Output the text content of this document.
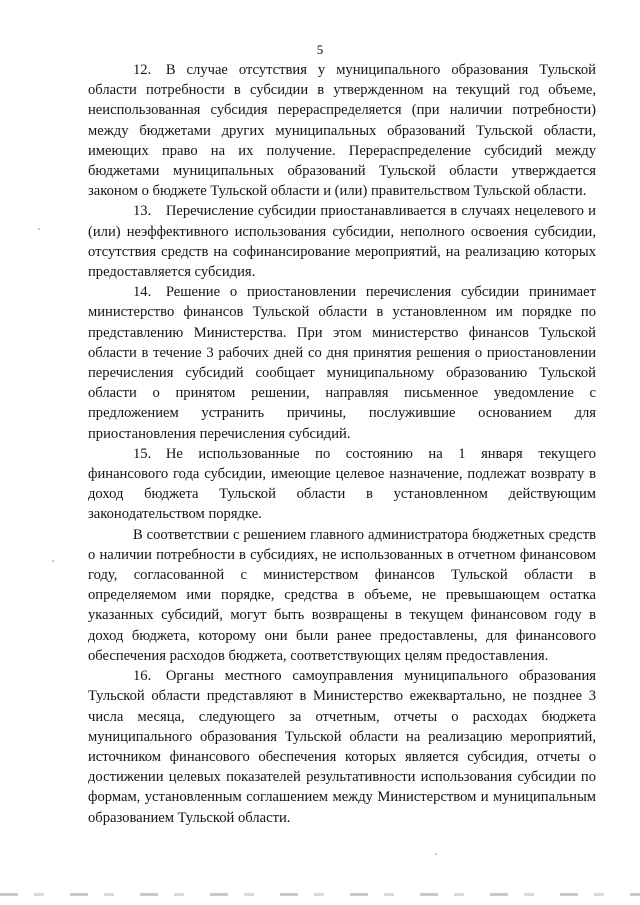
5

12. В случае отсутствия у муниципального образования Тульской области потребности в субсидии в утвержденном на текущий год объеме, неиспользованная субсидия перераспределяется (при наличии потребности) между бюджетами других муниципальных образований Тульской области, имеющих право на их получение. Перераспределение субсидий между бюджетами муниципальных образований Тульской области утверждается законом о бюджете Тульской области и (или) правительством Тульской области.

13. Перечисление субсидии приостанавливается в случаях нецелевого и (или) неэффективного использования субсидии, неполного освоения субсидии, отсутствия средств на софинансирование мероприятий, на реализацию которых предоставляется субсидия.

14. Решение о приостановлении перечисления субсидии принимает министерство финансов Тульской области в установленном им порядке по представлению Министерства. При этом министерство финансов Тульской области в течение 3 рабочих дней со дня принятия решения о приостановлении перечисления субсидий сообщает муниципальному образованию Тульской области о принятом решении, направляя письменное уведомление с предложением устранить причины, послужившие основанием для приостановления перечисления субсидий.

15. Не использованные по состоянию на 1 января текущего финансового года субсидии, имеющие целевое назначение, подлежат возврату в доход бюджета Тульской области в установленном действующим законодательством порядке.

В соответствии с решением главного администратора бюджетных средств о наличии потребности в субсидиях, не использованных в отчетном финансовом году, согласованной с министерством финансов Тульской области в определяемом ими порядке, средства в объеме, не превышающем остатка указанных субсидий, могут быть возвращены в текущем финансовом году в доход бюджета, которому они были ранее предоставлены, для финансового обеспечения расходов бюджета, соответствующих целям предоставления.

16. Органы местного самоуправления муниципального образования Тульской области представляют в Министерство ежеквартально, не позднее 3 числа месяца, следующего за отчетным, отчеты о расходах бюджета муниципального образования Тульской области на реализацию мероприятий, источником финансового обеспечения которых является субсидия, отчеты о достижении целевых показателей результативности использования субсидии по формам, установленным соглашением между Министерством и муниципальным образованием Тульской области.
